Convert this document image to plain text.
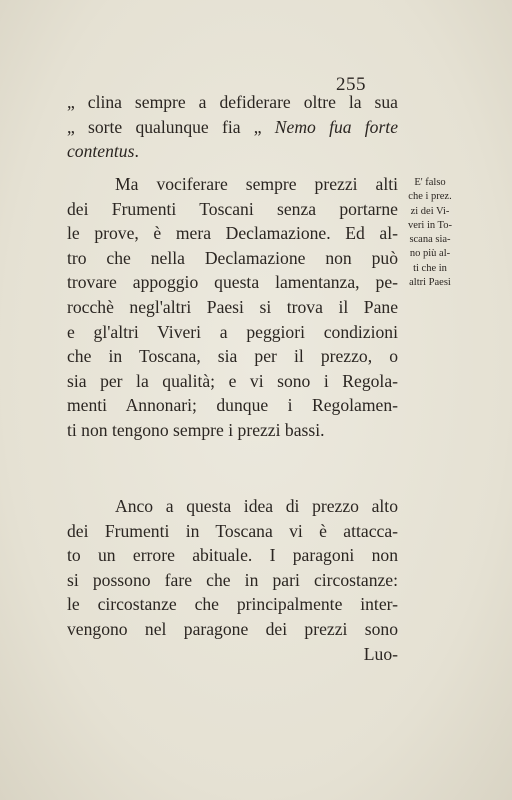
255
„ clina sempre a defiderare oltre la sua
„ sorte qualunque fia „ Nemo fua forte
contentus.
Ma vociferare sempre prezzi alti
dei Frumenti Toscani senza portarne
le prove, è mera Declamazione. Ed al-
tro che nella Declamazione non può
trovare appoggio questa lamentanza, pe-
rocchè negl'altri Paesi si trova il Pane
e gl'altri Viveri a peggiori condizioni
che in Toscana, sia per il prezzo, o
sia per la qualità; e vi sono i Regola-
menti Annonari; dunque i Regolamen-
ti non tengono sempre i prezzi bassi.
E' falso
che i prez.
zi dei Vi-
veri in To-
scana sia-
no più al-
ti che in
altri Paesi
Anco a questa idea di prezzo alto
dei Frumenti in Toscana vi è attacca-
to un errore abituale. I paragoni non
si possono fare che in pari circostanze:
le circostanze che principalmente inter-
vengono nel paragone dei prezzi sono
Luo-
